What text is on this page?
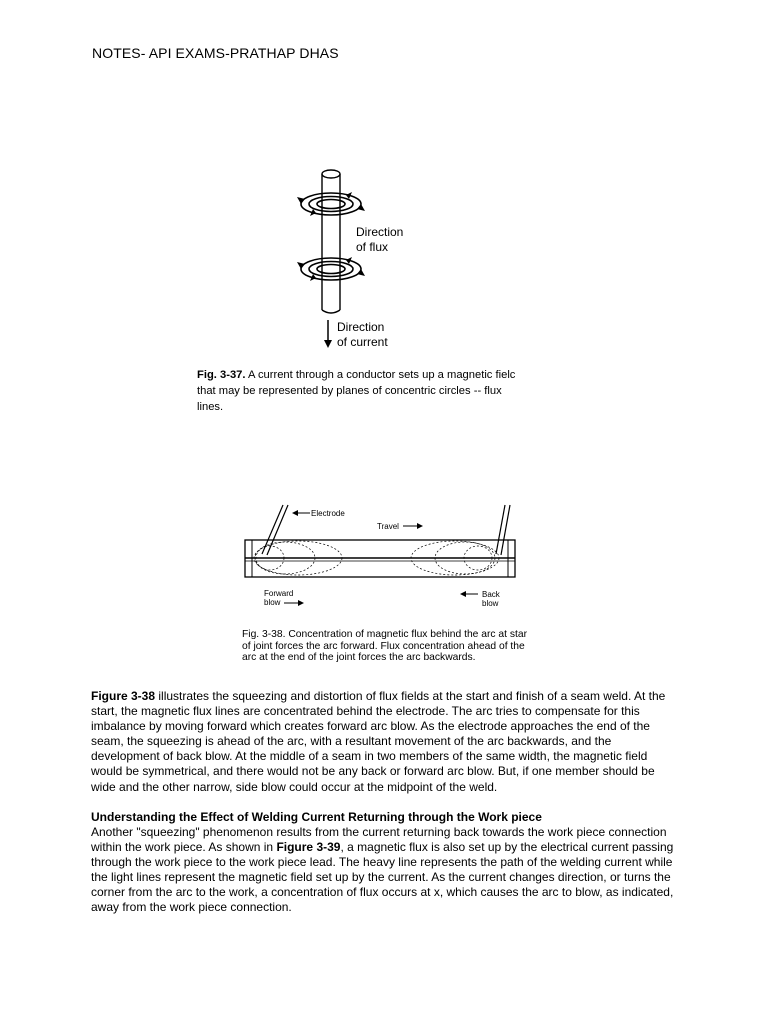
NOTES- API EXAMS-PRATHAP DHAS
Direction
of flux
Direction
of current
Fig. 3-37. A current through a conductor sets up a magnetic fielc
that may be represented by planes of concentric circles -- flux
lines.
Electrode
Travel
Forward
blow
Back
blow
Fig. 3-38. Concentration of magnetic flux behind the arc at star
of joint forces the arc forward. Flux concentration ahead of the
arc at the end of the joint forces the arc backwards.
Figure 3-38 illustrates the squeezing and distortion of flux fields at the start and finish of a seam weld. At the start, the magnetic flux lines are concentrated behind the electrode. The arc tries to compensate for this imbalance by moving forward which creates forward arc blow. As the electrode approaches the end of the seam, the squeezing is ahead of the arc, with a resultant movement of the arc backwards, and the development of back blow. At the middle of a seam in two members of the same width, the magnetic field would be symmetrical, and there would not be any back or forward arc blow. But, if one member should be wide and the other narrow, side blow could occur at the midpoint of the weld.
Understanding the Effect of Welding Current Returning through the Work piece
Another "squeezing" phenomenon results from the current returning back towards the work piece connection within the work piece. As shown in Figure 3-39, a magnetic flux is also set up by the electrical current passing through the work piece to the work piece lead. The heavy line represents the path of the welding current while the light lines represent the magnetic field set up by the current. As the current changes direction, or turns the corner from the arc to the work, a concentration of flux occurs at x, which causes the arc to blow, as indicated, away from the work piece connection.
